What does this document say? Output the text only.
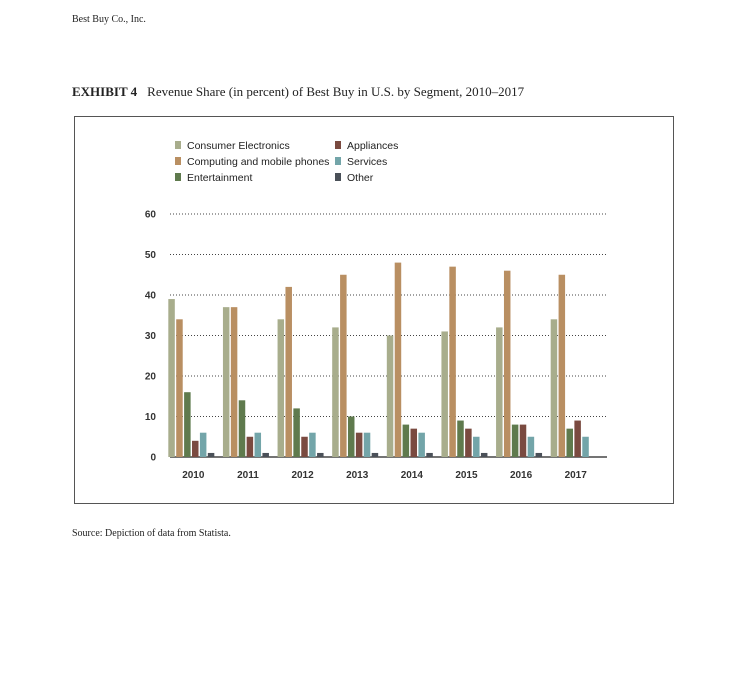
Best Buy Co., Inc.
EXHIBIT 4 Revenue Share (in percent) of Best Buy in U.S. by Segment, 2010–2017
0
10
20
30
40
50
60
2010	2011	2012	2013	2014	2015	2016	2017
Consumer Electronics
Computing and mobile phones
Entertainment
Appliances
Services
Other
Source: Depiction of data from Statista.
